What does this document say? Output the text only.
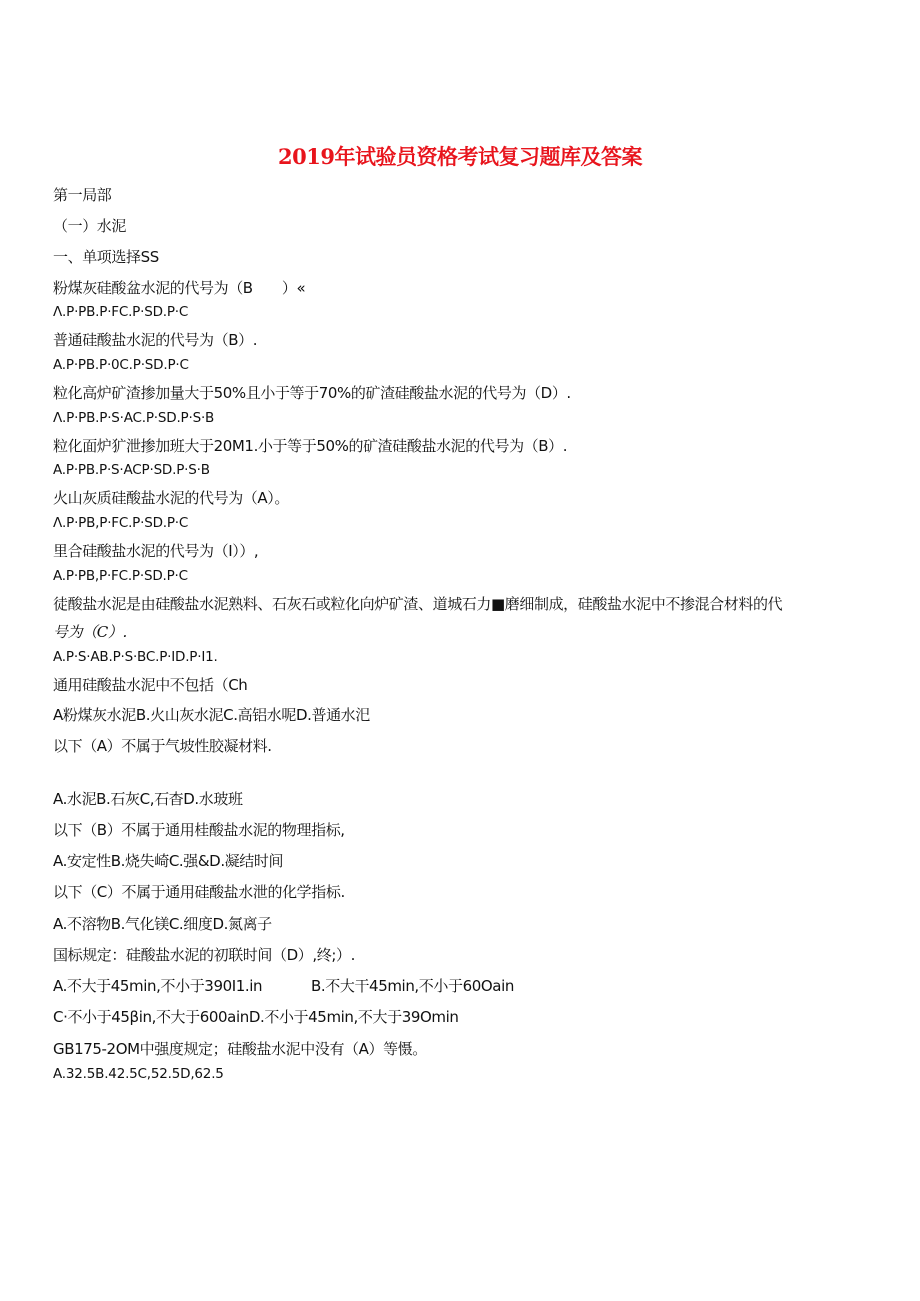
2019年试验员资格考试复习题库及答案
第一局部
（一）水泥
一、单项选择SS
粉煤灰硅酸盆水泥的代号为（B　　）«
Λ.P·PB.P·FC.P·SD.P·C
普通硅酸盐水泥的代号为（B）.
A.P·PB.P·0C.P·SD.P·C
粒化高炉矿渣掺加量大于50%且小于等于70%的矿渣硅酸盐水泥的代号为（D）.
Λ.P·PB.P·S·AC.P·SD.P·S·B
粒化面炉犷泄掺加班大于20M1.小于等于50%的矿渣硅酸盐水泥的代号为（B）.
A.P·PB.P·S·ACP·SD.P·S·B
火山灰质硅酸盐水泥的代号为（A）。
Λ.P·PB,P·FC.P·SD.P·C
里合硅酸盐水泥的代号为（I））,
A.P·PB,P·FC.P·SD.P·C
徒酸盐水泥是由硅酸盐水泥熟料、石灰石或粒化向炉矿渣、道城石力■磨细制成，硅酸盐水泥中不掺混合材料的代
号为（C）.
A.P·S·AB.P·S·BC.P·ID.P·I1.
通用硅酸盐水泥中不包括（Ch
A粉煤灰水泥B.火山灰水泥C.高铝水呢D.普通水汜
以下（A）不属于气坡性胶凝材料.
A.水泥B.石灰C,石杳D.水玻班
以下（B）不属于通用桂酸盐水泥的物理指标,
A.安定性B.烧失崎C.强&D.凝结时间
以下（C）不属于通用硅酸盐水泄的化学指标.
A.不溶物B.气化镁C.细度D.氮离子
国标规定：硅酸盐水泥的初联时间（D）,终;）.
A.不大于45min,不小于390I1.in	B.不大干45min,不小于60Oain
C·不小于45βin,不大于600ainD.不小于45min,不大于39Omin
GB175-2OM中强度规定；硅酸盐水泥中没有（A）等慑。
A.32.5B.42.5C,52.5D,62.5
